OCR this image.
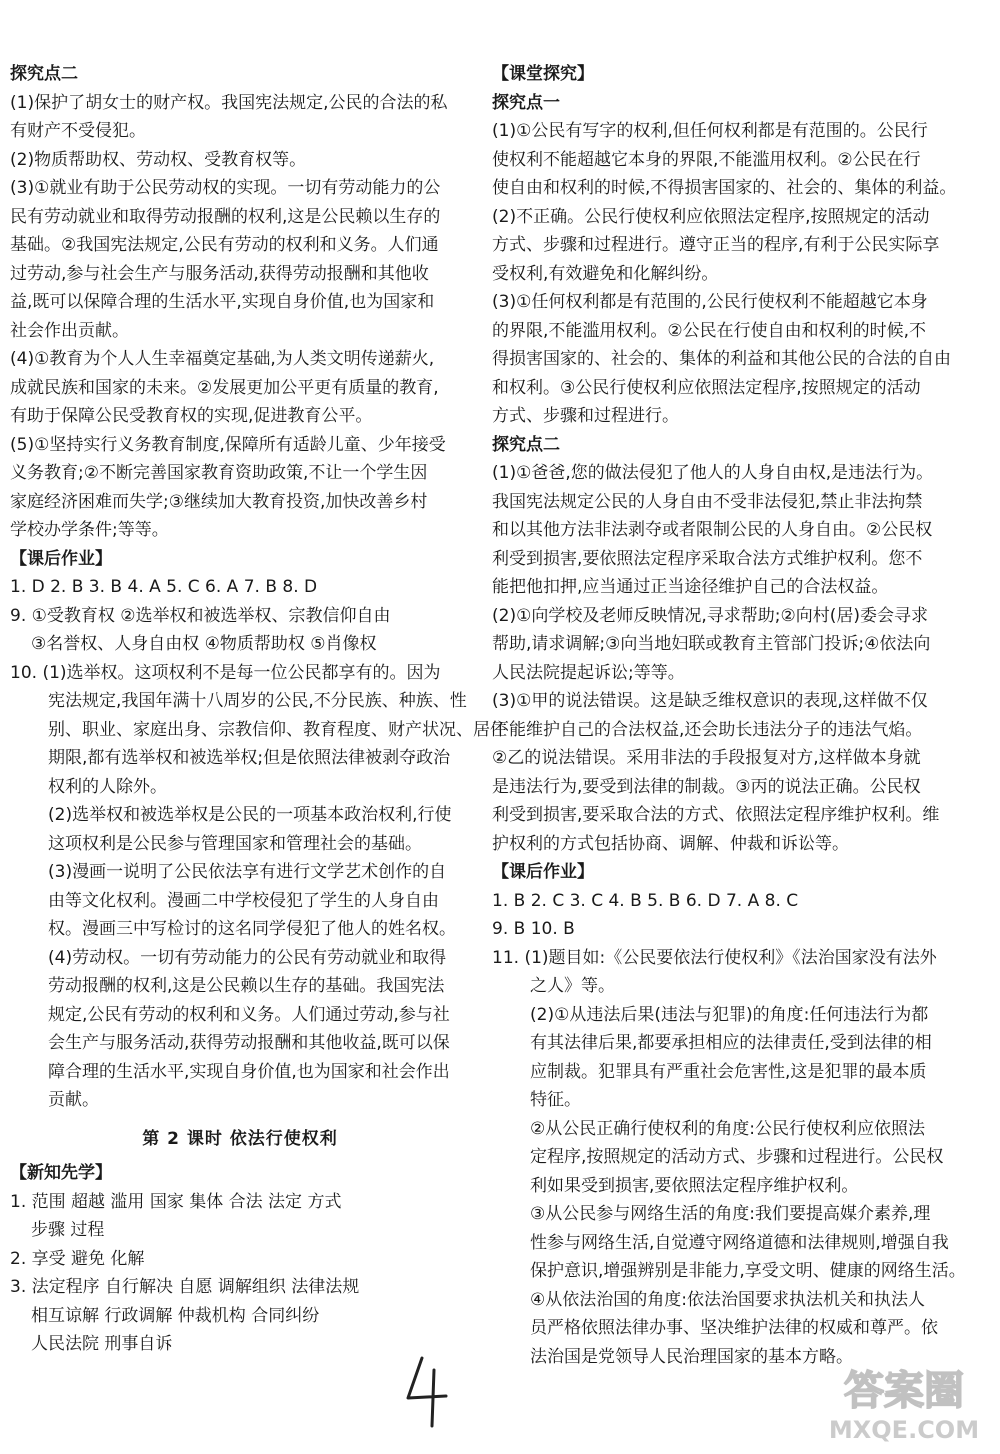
探究点二
(1)保护了胡女士的财产权。我国宪法规定,公民的合法的私
有财产不受侵犯。
(2)物质帮助权、劳动权、受教育权等。
(3)①就业有助于公民劳动权的实现。一切有劳动能力的公
民有劳动就业和取得劳动报酬的权利,这是公民赖以生存的
基础。②我国宪法规定,公民有劳动的权利和义务。人们通
过劳动,参与社会生产与服务活动,获得劳动报酬和其他收
益,既可以保障合理的生活水平,实现自身价值,也为国家和
社会作出贡献。
(4)①教育为个人人生幸福奠定基础,为人类文明传递薪火,
成就民族和国家的未来。②发展更加公平更有质量的教育,
有助于保障公民受教育权的实现,促进教育公平。
(5)①坚持实行义务教育制度,保障所有适龄儿童、少年接受
义务教育;②不断完善国家教育资助政策,不让一个学生因
家庭经济困难而失学;③继续加大教育投资,加快改善乡村
学校办学条件;等等。
【课后作业】
1. D 2. B 3. B 4. A 5. C 6. A 7. B 8. D
9. ①受教育权 ②选举权和被选举权、宗教信仰自由
③名誉权、人身自由权 ④物质帮助权 ⑤肖像权
10. (1)选举权。这项权利不是每一位公民都享有的。因为
宪法规定,我国年满十八周岁的公民,不分民族、种族、性
别、职业、家庭出身、宗教信仰、教育程度、财产状况、居住
期限,都有选举权和被选举权;但是依照法律被剥夺政治
权利的人除外。
(2)选举权和被选举权是公民的一项基本政治权利,行使
这项权利是公民参与管理国家和管理社会的基础。
(3)漫画一说明了公民依法享有进行文学艺术创作的自
由等文化权利。漫画二中学校侵犯了学生的人身自由
权。漫画三中写检讨的这名同学侵犯了他人的姓名权。
(4)劳动权。一切有劳动能力的公民有劳动就业和取得
劳动报酬的权利,这是公民赖以生存的基础。我国宪法
规定,公民有劳动的权利和义务。人们通过劳动,参与社
会生产与服务活动,获得劳动报酬和其他收益,既可以保
障合理的生活水平,实现自身价值,也为国家和社会作出
贡献。
第 2 课时 依法行使权利
【新知先学】
1. 范围 超越 滥用 国家 集体 合法 法定 方式
步骤 过程
2. 享受 避免 化解
3. 法定程序 自行解决 自愿 调解组织 法律法规
相互谅解 行政调解 仲裁机构 合同纠纷
人民法院 刑事自诉
【课堂探究】
探究点一
(1)①公民有写字的权利,但任何权利都是有范围的。公民行
使权利不能超越它本身的界限,不能滥用权利。②公民在行
使自由和权利的时候,不得损害国家的、社会的、集体的利益。
(2)不正确。公民行使权利应依照法定程序,按照规定的活动
方式、步骤和过程进行。遵守正当的程序,有利于公民实际享
受权利,有效避免和化解纠纷。
(3)①任何权利都是有范围的,公民行使权利不能超越它本身
的界限,不能滥用权利。②公民在行使自由和权利的时候,不
得损害国家的、社会的、集体的利益和其他公民的合法的自由
和权利。③公民行使权利应依照法定程序,按照规定的活动
方式、步骤和过程进行。
探究点二
(1)①爸爸,您的做法侵犯了他人的人身自由权,是违法行为。
我国宪法规定公民的人身自由不受非法侵犯,禁止非法拘禁
和以其他方法非法剥夺或者限制公民的人身自由。②公民权
利受到损害,要依照法定程序采取合法方式维护权利。您不
能把他扣押,应当通过正当途径维护自己的合法权益。
(2)①向学校及老师反映情况,寻求帮助;②向村(居)委会寻求
帮助,请求调解;③向当地妇联或教育主管部门投诉;④依法向
人民法院提起诉讼;等等。
(3)①甲的说法错误。这是缺乏维权意识的表现,这样做不仅
不能维护自己的合法权益,还会助长违法分子的违法气焰。
②乙的说法错误。采用非法的手段报复对方,这样做本身就
是违法行为,要受到法律的制裁。③丙的说法正确。公民权
利受到损害,要采取合法的方式、依照法定程序维护权利。维
护权利的方式包括协商、调解、仲裁和诉讼等。
【课后作业】
1. B 2. C 3. C 4. B 5. B 6. D 7. A 8. C
9. B 10. B
11. (1)题目如:《公民要依法行使权利》《法治国家没有法外
之人》等。
(2)①从违法后果(违法与犯罪)的角度:任何违法行为都
有其法律后果,都要承担相应的法律责任,受到法律的相
应制裁。犯罪具有严重社会危害性,这是犯罪的最本质
特征。
②从公民正确行使权利的角度:公民行使权利应依照法
定程序,按照规定的活动方式、步骤和过程进行。公民权
利如果受到损害,要依照法定程序维护权利。
③从公民参与网络生活的角度:我们要提高媒介素养,理
性参与网络生活,自觉遵守网络道德和法律规则,增强自我
保护意识,增强辨别是非能力,享受文明、健康的网络生活。
④从依法治国的角度:依法治国要求执法机关和执法人
员严格依照法律办事、坚决维护法律的权威和尊严。依
法治国是党领导人民治理国家的基本方略。
4
答案圈
MXQE.COM
